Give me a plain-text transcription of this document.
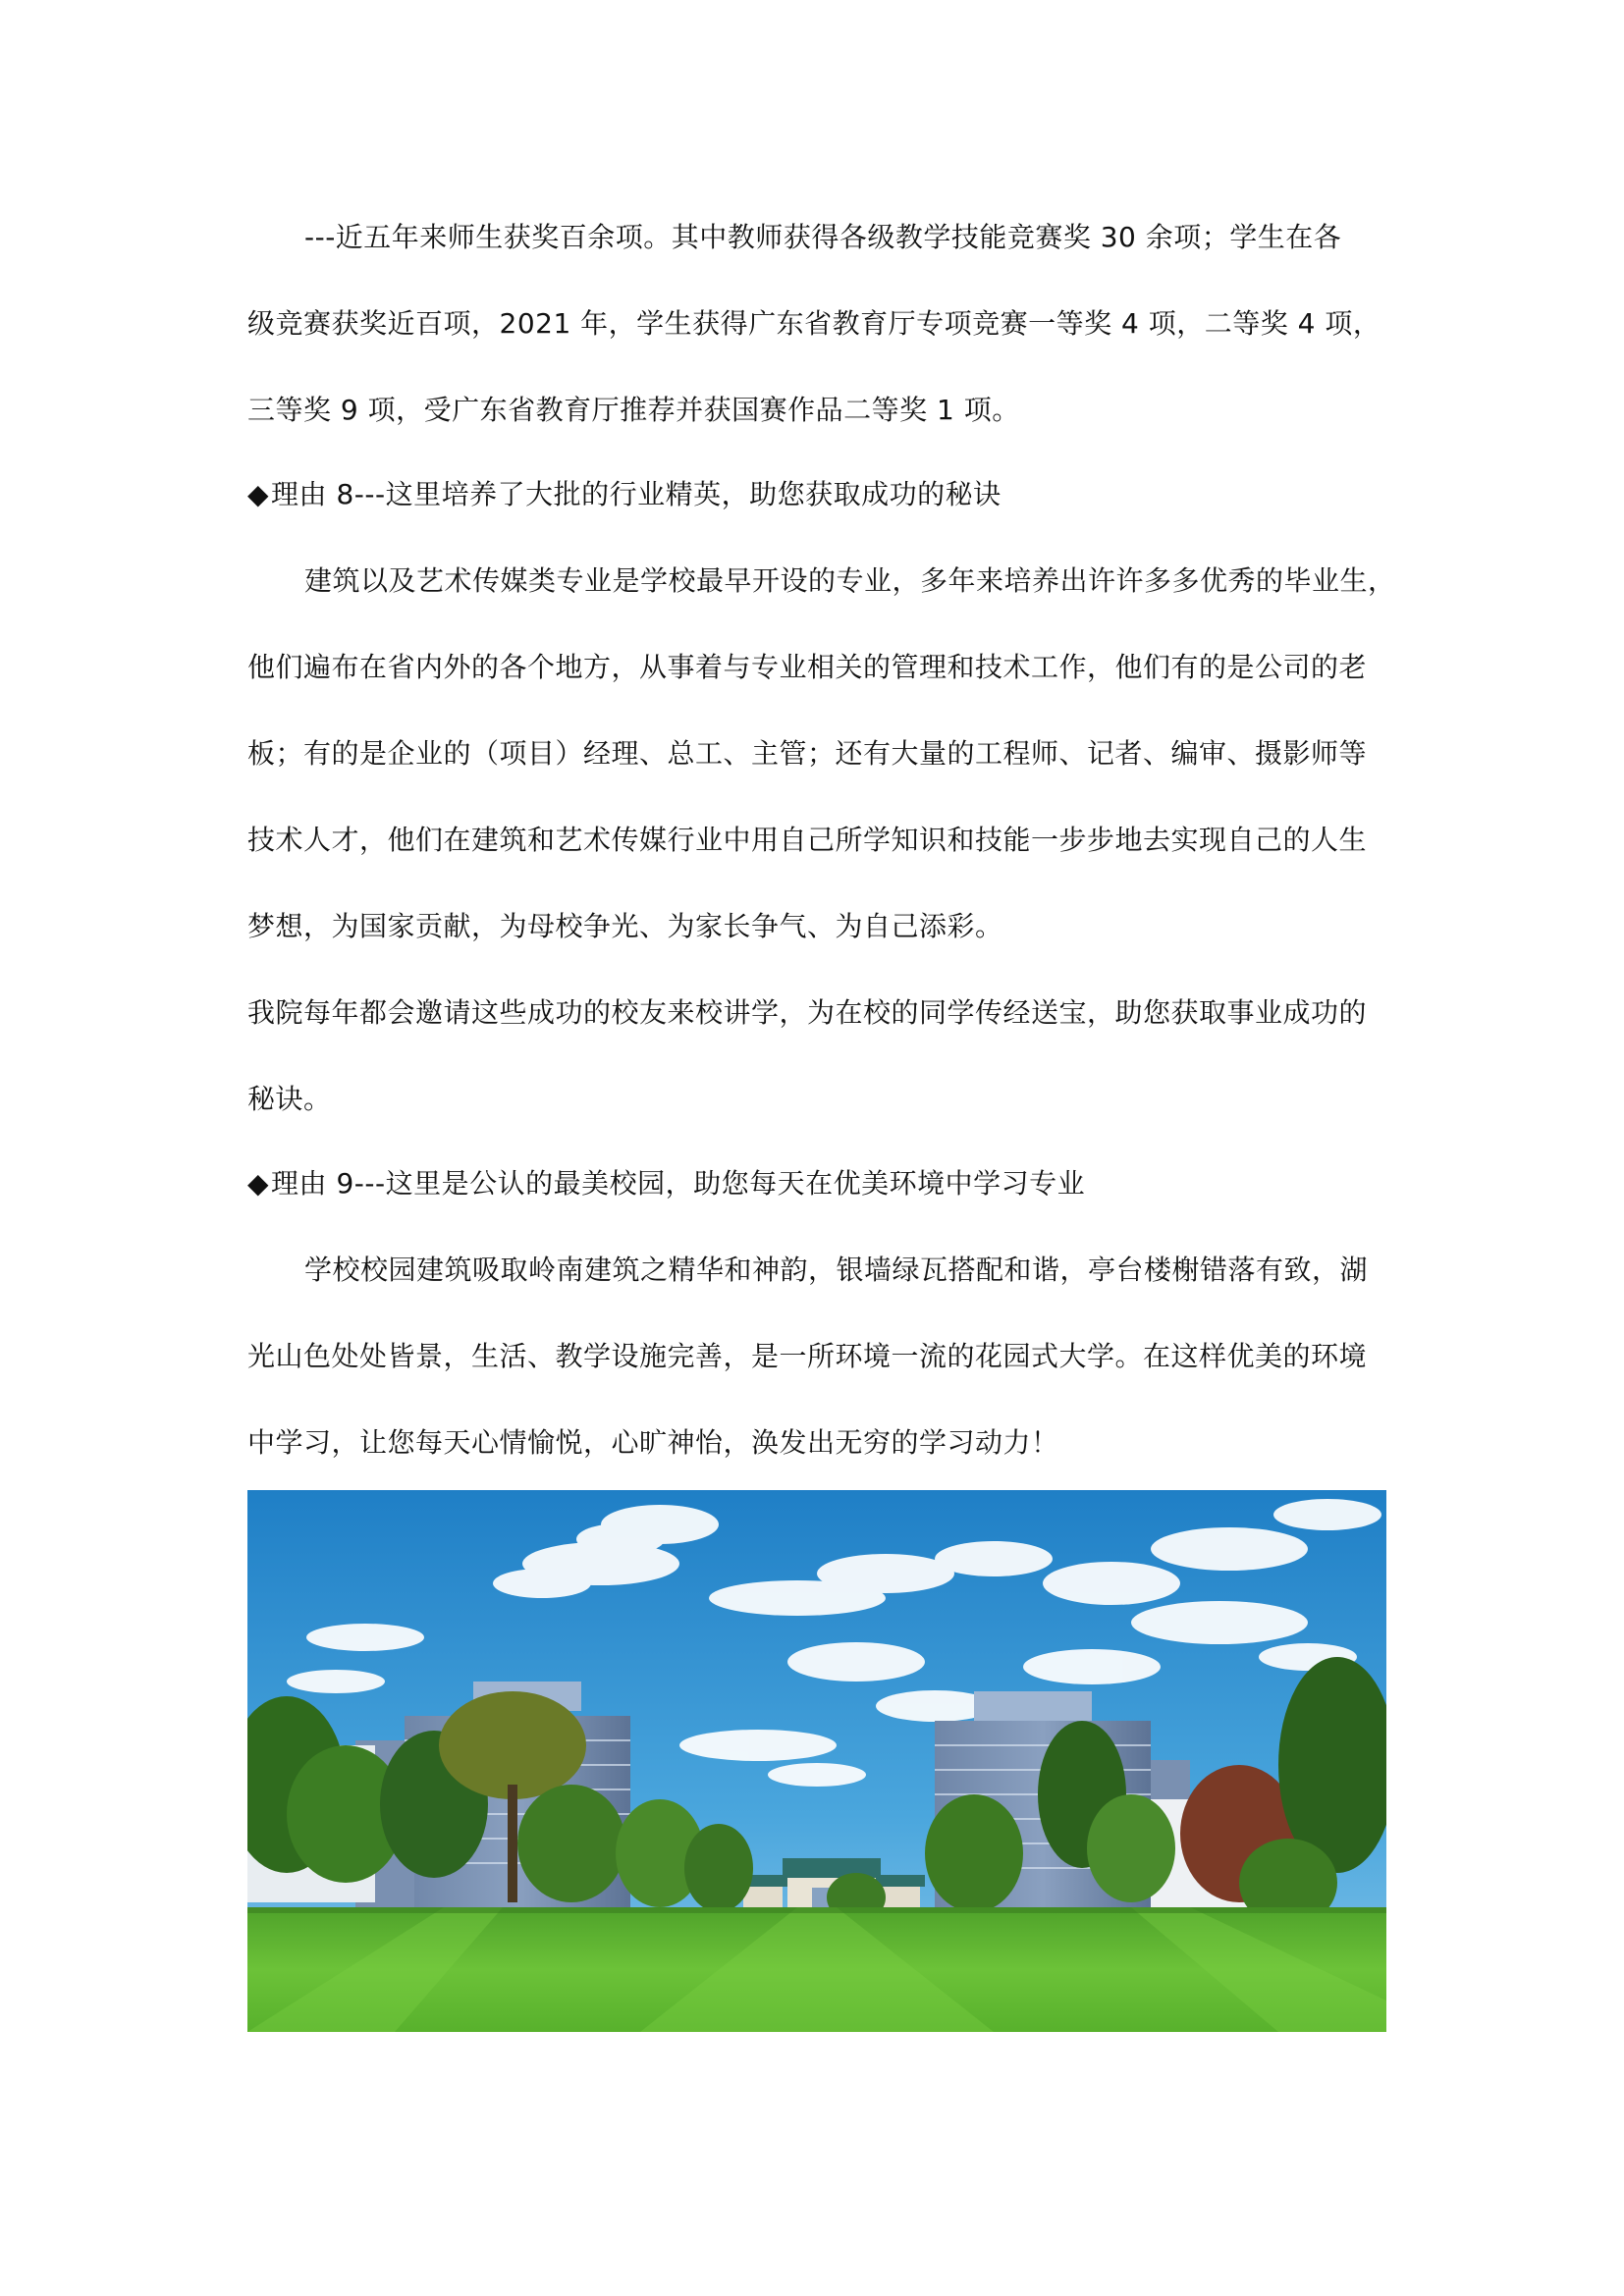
---近五年来师生获奖百余项。其中教师获得各级教学技能竞赛奖 30 余项；学生在各
级竞赛获奖近百项，2021 年，学生获得广东省教育厅专项竞赛一等奖 4 项，二等奖 4 项，
三等奖 9 项，受广东省教育厅推荐并获国赛作品二等奖 1 项。
◆理由 8---这里培养了大批的行业精英，助您获取成功的秘诀
建筑以及艺术传媒类专业是学校最早开设的专业，多年来培养出许许多多优秀的毕业生，
他们遍布在省内外的各个地方，从事着与专业相关的管理和技术工作，他们有的是公司的老
板；有的是企业的（项目）经理、总工、主管；还有大量的工程师、记者、编审、摄影师等
技术人才，他们在建筑和艺术传媒行业中用自己所学知识和技能一步步地去实现自己的人生
梦想，为国家贡献，为母校争光、为家长争气、为自己添彩。
我院每年都会邀请这些成功的校友来校讲学，为在校的同学传经送宝，助您获取事业成功的
秘诀。
◆理由 9---这里是公认的最美校园，助您每天在优美环境中学习专业
学校校园建筑吸取岭南建筑之精华和神韵，银墙绿瓦搭配和谐，亭台楼榭错落有致，湖
光山色处处皆景，生活、教学设施完善，是一所环境一流的花园式大学。在这样优美的环境
中学习，让您每天心情愉悦，心旷神怡，涣发出无穷的学习动力！
